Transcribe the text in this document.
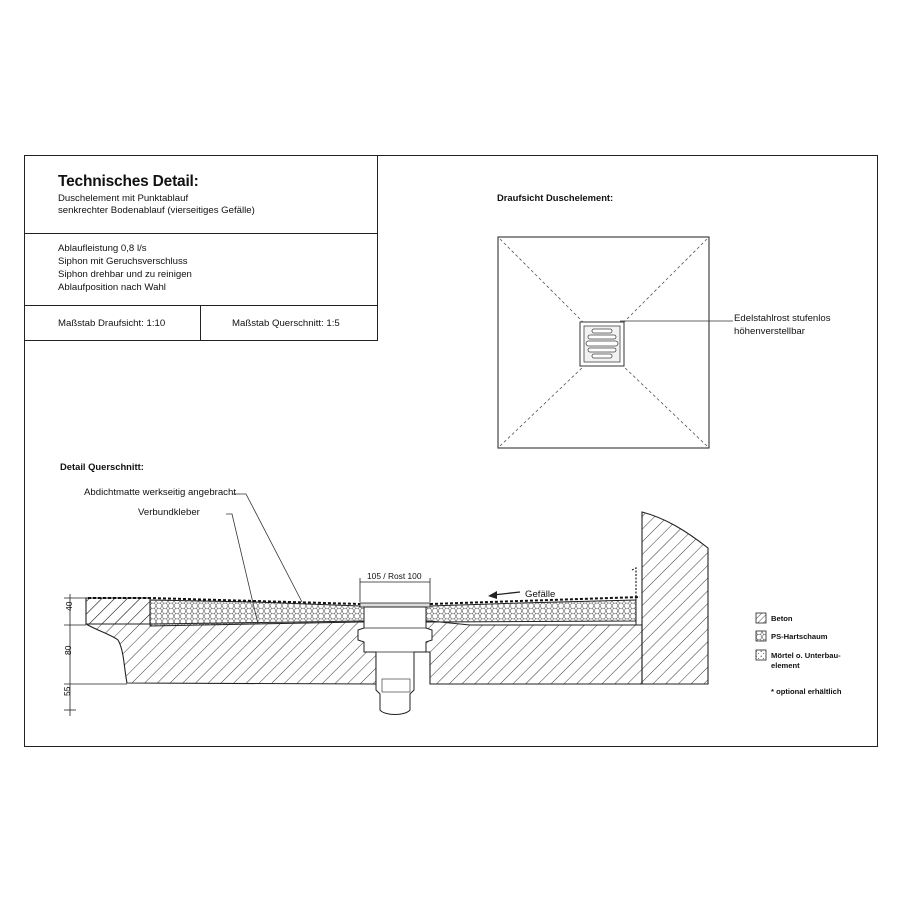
Technisches Detail:
Duschelement mit Punktablauf
senkrechter Bodenablauf (vierseitiges Gefälle)
Ablaufleistung 0,8 l/s
Siphon mit Geruchsverschluss
Siphon drehbar und zu reinigen
Ablaufposition nach Wahl
Maßstab Draufsicht: 1:10	Maßstab Querschnitt: 1:5
Draufsicht Duschelement:
Edelstahlrost stufenlos
höhenverstellbar
Detail Querschnitt:
Abdichtmatte werkseitig angebracht
Verbundkleber
105 / Rost 100
Gefälle
Beton
PS-Hartschaum
Mörtel o. Unterbau-
element
* optional erhältlich
40
80
55
